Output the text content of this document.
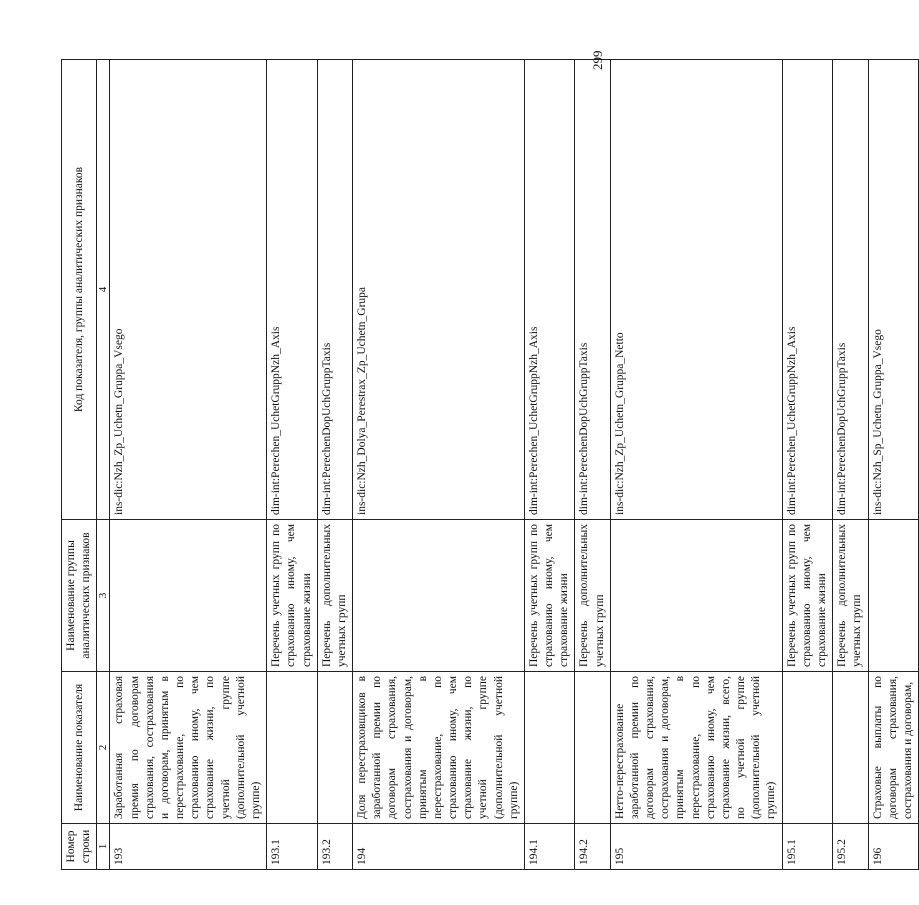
Номер строки	Наименование показателя	Наименование группы аналитических признаков	Код показателя, группы аналитических признаков
1	2	3	4
193	Заработанная страховая премия по договорам страхования, сострахования и договорам, принятым в перестрахование, по страхованию иному, чем страхование жизни, по учетной группе (дополнительной учетной группе)		ins-dic:Nzh_Zp_Uchetn_Gruppa_Vsego
193.1		Перечень учетных групп по страхованию иному, чем страхование жизни	dim-int:Perechen_UchetGruppNzh_Axis
193.2		Перечень дополнительных учетных групп	dim-int:PerechenDopUchGruppTaxis
194	Доля перестраховщиков в заработанной премии по договорам страхования, сострахования и договорам, принятым в перестрахование, по страхованию иному, чем страхование жизни, по учетной группе (дополнительной учетной группе)		ins-dic:Nzh_Dolya_Perestrax_Zp_Uchetn_Grupa
194.1		Перечень учетных групп по страхованию иному, чем страхование жизни	dim-int:Perechen_UchetGruppNzh_Axis
194.2		Перечень дополнительных учетных групп	dim-int:PerechenDopUchGruppTaxis
195	Нетто-перестрахование заработанной премии по договорам страхования, сострахования и договорам, принятым в перестрахование, по страхованию иному, чем страхование жизни, всего, по учетной группе (дополнительной учетной группе)		ins-dic:Nzh_Zp_Uchetn_Gruppa_Netto
195.1		Перечень учетных групп по страхованию иному, чем страхование жизни	dim-int:Perechen_UchetGruppNzh_Axis
195.2		Перечень дополнительных учетных групп	dim-int:PerechenDopUchGruppTaxis
196	Страховые выплаты по договорам страхования, сострахования и договорам,		ins-dic:Nzh_Sp_Uchetn_Gruppa_Vsego
299
